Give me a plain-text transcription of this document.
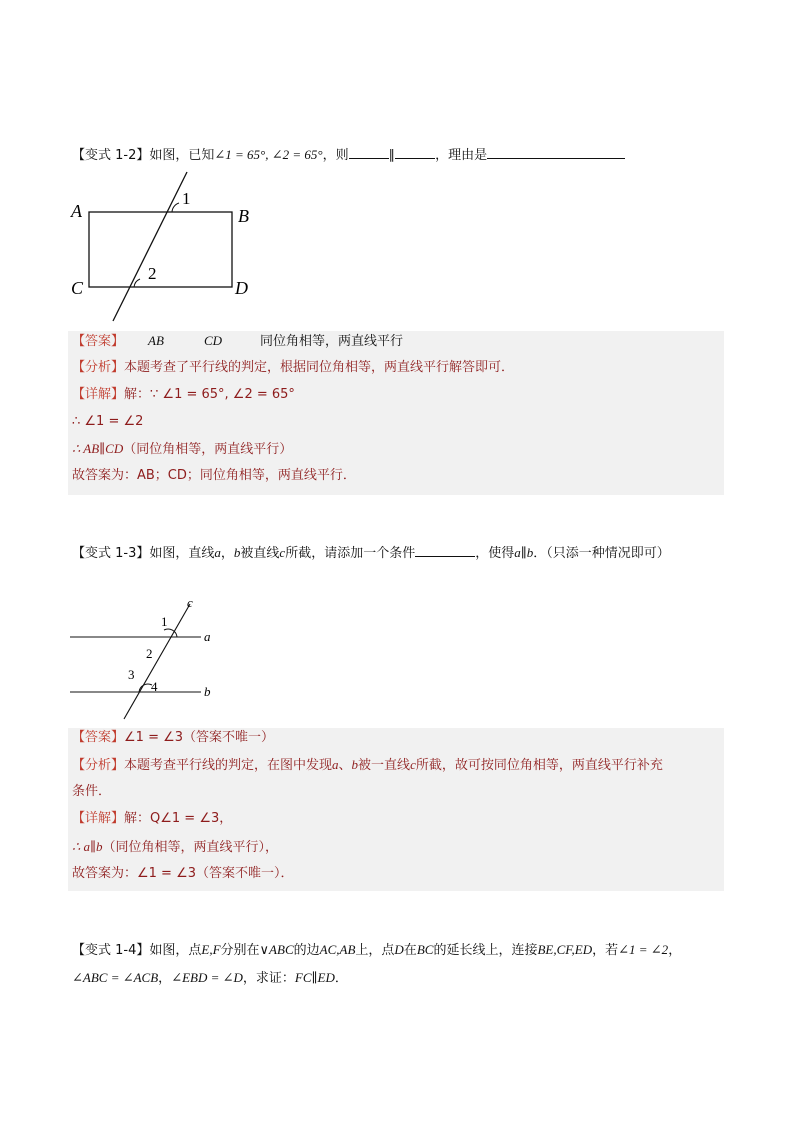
【变式 1-2】如图，已知∠1 = 65°, ∠2 = 65°，则	∥	，理由是
A	B
C	D
1
2
【答案】 AB	CD	同位角相等，两直线平行
【分析】本题考查了平行线的判定，根据同位角相等，两直线平行解答即可．
【详解】解：∵ ∠1 = 65°, ∠2 = 65°
∴ ∠1 = ∠2
∴ AB∥CD（同位角相等，两直线平行）
故答案为：AB；CD；同位角相等，两直线平行．
【变式 1-3】如图，直线a，b被直线c所截，请添加一个条件	，使得a∥b．（只添一种情况即可）
c
a
b
1
2
3
4
【答案】∠1 = ∠3（答案不唯一）
【分析】本题考查平行线的判定，在图中发现a、b被一直线c所截，故可按同位角相等，两直线平行补充
条件．
【详解】解：Q∠1 = ∠3，
∴ a∥b（同位角相等，两直线平行），
故答案为：∠1 = ∠3（答案不唯一）．
【变式 1-4】如图，点E,F分别在∨ABC的边AC,AB上，点D在BC的延长线上，连接BE,CF,ED，若∠1 = ∠2，
∠ABC = ∠ACB，∠EBD = ∠D，求证：FC∥ED．
